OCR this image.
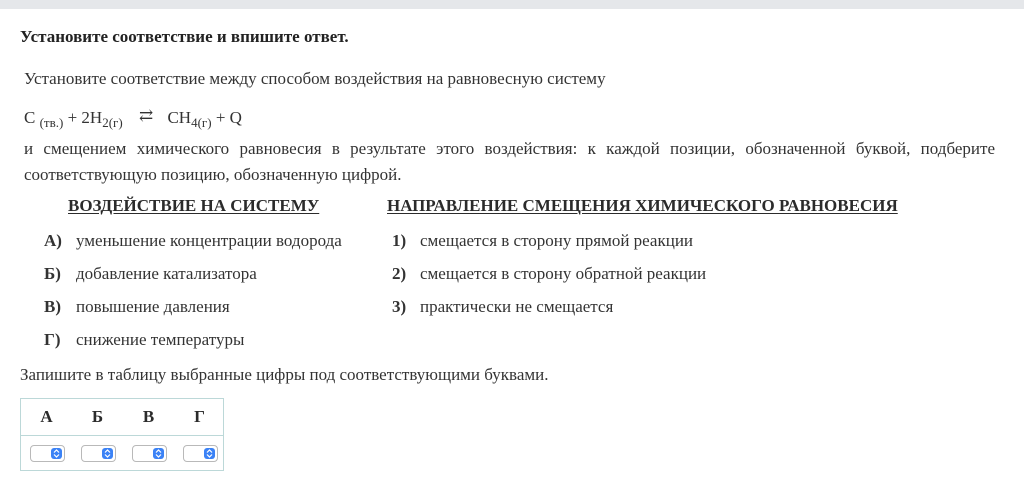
Установите соответствие и впишите ответ.
Установите соответствие между способом воздействия на равновесную систему
C $_{(тв.)} + 2H_{2(г)}$ ⇄ $CH_{4(г)} + Q$
и смещением химического равновесия в результате этого воздействия: к каждой позиции, обозначенной буквой, подберите соответствующую позицию, обозначенную цифрой.
ВОЗДЕЙСТВИЕ НА СИСТЕМУ	НАПРАВЛЕНИЕ СМЕЩЕНИЯ ХИМИЧЕСКОГО РАВНОВЕСИЯ
А) уменьшение концентрации водорода
Б) добавление катализатора
В) повышение давления
Г) снижение температуры
1) смещается в сторону прямой реакции
2) смещается в сторону обратной реакции
3) практически не смещается
Запишите в таблицу выбранные цифры под соответствующими буквами.
А	Б	В	Г
